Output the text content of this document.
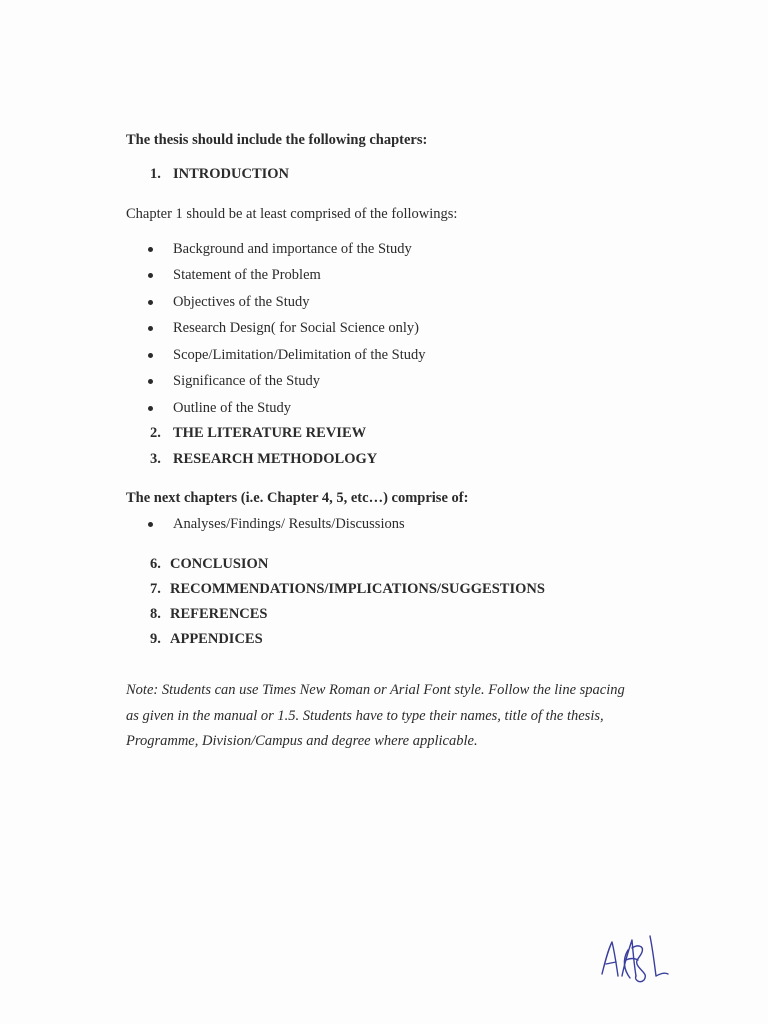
The thesis should include the following chapters:
1. INTRODUCTION
Chapter 1 should be at least comprised of the followings:
Background and importance of the Study
Statement of the Problem
Objectives of the Study
Research Design( for Social Science only)
Scope/Limitation/Delimitation of the Study
Significance of the Study
Outline of the Study
2. THE LITERATURE REVIEW
3. RESEARCH METHODOLOGY
The next chapters (i.e. Chapter 4, 5, etc…) comprise of:
Analyses/Findings/ Results/Discussions
6. CONCLUSION
7. RECOMMENDATIONS/IMPLICATIONS/SUGGESTIONS
8. REFERENCES
9. APPENDICES
Note: Students can use Times New Roman or Arial Font style. Follow the line spacing
as given in the manual or 1.5. Students have to type their names, title of the thesis,
Programme, Division/Campus and degree where applicable.
